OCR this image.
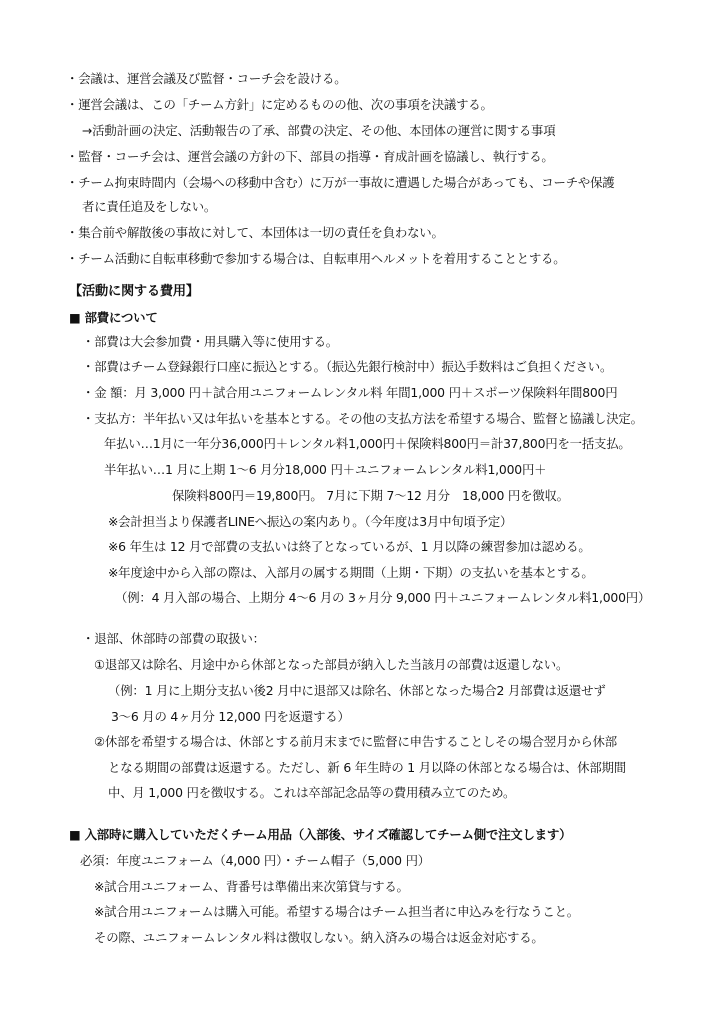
・会議は、運営会議及び監督・コーチ会を設ける。
・運営会議は、この「チーム方針」に定めるものの他、次の事項を決議する。
→活動計画の決定、活動報告の了承、部費の決定、その他、本団体の運営に関する事項
・監督・コーチ会は、運営会議の方針の下、部員の指導・育成計画を協議し、執行する。
・チーム拘束時間内（会場への移動中含む）に万が一事故に遭遇した場合があっても、コーチや保護
者に責任追及をしない。
・集合前や解散後の事故に対して、本団体は一切の責任を負わない。
・チーム活動に自転車移動で参加する場合は、自転車用ヘルメットを着用することとする。
【活動に関する費用】
■ 部費について
・部費は大会参加費・用具購入等に使用する。
・部費はチーム登録銀行口座に振込とする。（振込先銀行検討中）振込手数料はご負担ください。
・金 額：月 3,000 円＋試合用ユニフォームレンタル料 年間1,000 円＋スポーツ保険料年間800円
・支払方：半年払い又は年払いを基本とする。その他の支払方法を希望する場合、監督と協議し決定。
年払い…1月に一年分36,000円＋レンタル料1,000円＋保険料800円＝計37,800円を一括支払。
半年払い…1 月に上期 1～6 月分18,000 円＋ユニフォームレンタル料1,000円＋
保険料800円＝19,800円。 7月に下期 7～12 月分　18,000 円を徴収。
※会計担当より保護者LINEへ振込の案内あり。（今年度は3月中旬頃予定）
※6 年生は 12 月で部費の支払いは終了となっているが、1 月以降の練習参加は認める。
※年度途中から入部の際は、入部月の属する期間（上期・下期）の支払いを基本とする。
（例：4 月入部の場合、上期分 4～6 月の 3ヶ月分 9,000 円＋ユニフォームレンタル料1,000円）
・退部、休部時の部費の取扱い：
①退部又は除名、月途中から休部となった部員が納入した当該月の部費は返還しない。
（例：1 月に上期分支払い後2 月中に退部又は除名、休部となった場合2 月部費は返還せず
3～6 月の 4ヶ月分 12,000 円を返還する）
②休部を希望する場合は、休部とする前月末までに監督に申告することしその場合翌月から休部
となる期間の部費は返還する。ただし、新 6 年生時の 1 月以降の休部となる場合は、休部期間
中、月 1,000 円を徴収する。これは卒部記念品等の費用積み立てのため。
■ 入部時に購入していただくチーム用品（入部後、サイズ確認してチーム側で注文します）
必須：年度ユニフォーム（4,000 円）・チーム帽子（5,000 円）
※試合用ユニフォーム、背番号は準備出来次第貸与する。
※試合用ユニフォームは購入可能。希望する場合はチーム担当者に申込みを行なうこと。
その際、ユニフォームレンタル料は徴収しない。納入済みの場合は返金対応する。
